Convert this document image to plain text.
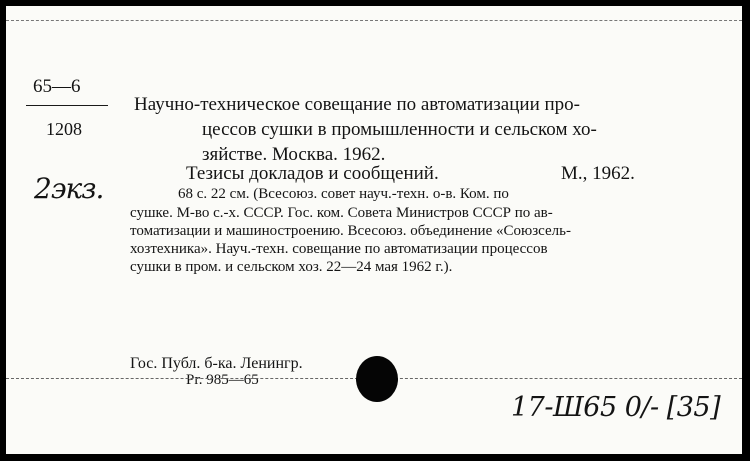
65—6
1208
2экз.
Научно-техническое совещание по автоматизации про-
цессов сушки в промышленности и сельском хо-
зяйстве. Москва. 1962.
Тезисы докладов и сообщений.	М., 1962.
68 с. 22 см. (Всесоюз. совет науч.-техн. о-в. Ком. по
сушке. М-во с.-х. СССР. Гос. ком. Совета Министров СССР по ав-
томатизации и машиностроению. Всесоюз. объединение «Союзсель-
хозтехника». Науч.-техн. совещание по автоматизации процессов
сушки в пром. и сельском хоз. 22—24 мая 1962 г.).
Гос. Публ. б-ка. Ленингр.
Рг. 985—65
17-Ш65 0/- [35]
